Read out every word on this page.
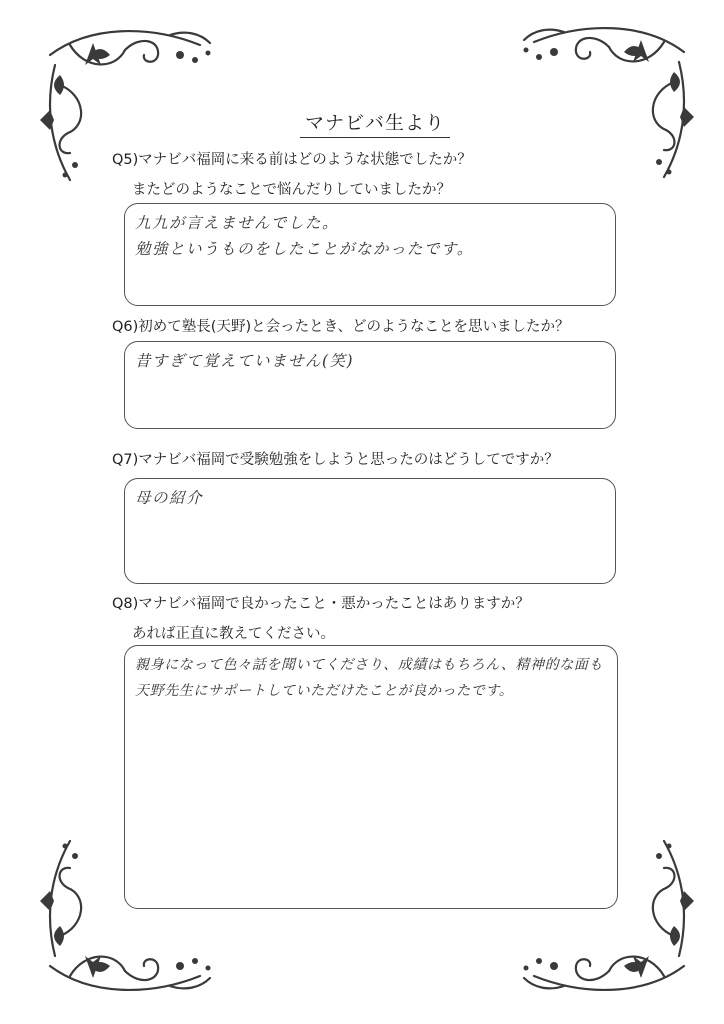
マナビバ生より
Q5)マナビバ福岡に来る前はどのような状態でしたか？
またどのようなことで悩んだりしていましたか？
九九が言えませんでした。
勉強というものをしたことがなかったです。
Q6)初めて塾長(天野)と会ったとき、どのようなことを思いましたか？
昔すぎて覚えていません(笑)
Q7)マナビバ福岡で受験勉強をしようと思ったのはどうしてですか？
母の紹介
Q8)マナビバ福岡で良かったこと・悪かったことはありますか？
あれば正直に教えてください。
親身になって色々話を聞いてくださり、成績はもちろん、精神的な面も
天野先生にサポートしていただけたことが良かったです。
